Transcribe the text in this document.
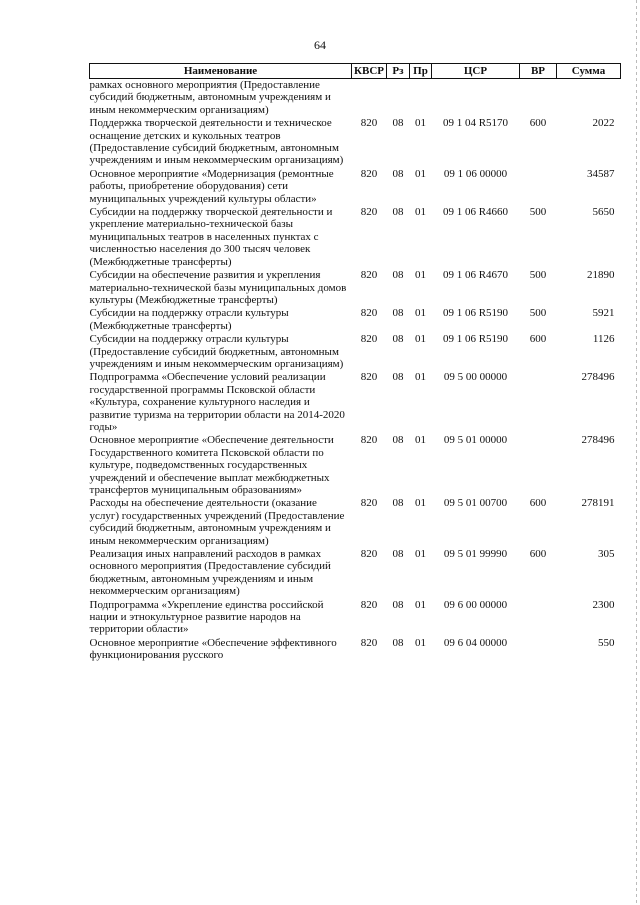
64
Наименование	КВСР	Рз	Пр	ЦСР	ВР	Сумма
рамках основного мероприятия (Предоставление субсидий бюджетным, автономным учреждениям и иным некоммерческим организациям)						
Поддержка творческой деятельности и техническое оснащение детских и кукольных театров (Предоставление субсидий бюджетным, автономным учреждениям и иным некоммерческим организациям)	820	08	01	09 1 04 R5170	600	2022
Основное мероприятие «Модернизация (ремонтные работы, приобретение оборудования) сети муниципальных учреждений культуры области»	820	08	01	09 1 06 00000		34587
Субсидии на поддержку творческой деятельности и укрепление материально-технической базы муниципальных театров в населенных пунктах с численностью населения до 300 тысяч человек (Межбюджетные трансферты)	820	08	01	09 1 06 R4660	500	5650
Субсидии на обеспечение развития и укрепления материально-технической базы муниципальных домов культуры (Межбюджетные трансферты)	820	08	01	09 1 06 R4670	500	21890
Субсидии на поддержку отрасли культуры (Межбюджетные трансферты)	820	08	01	09 1 06 R5190	500	5921
Субсидии на поддержку отрасли культуры (Предоставление субсидий бюджетным, автономным учреждениям и иным некоммерческим организациям)	820	08	01	09 1 06 R5190	600	1126
Подпрограмма «Обеспечение условий реализации государственной программы Псковской области «Культура, сохранение культурного наследия и развитие туризма на территории области на 2014-2020 годы»	820	08	01	09 5 00 00000		278496
Основное мероприятие «Обеспечение деятельности Государственного комитета Псковской области по культуре, подведомственных государственных учреждений и обеспечение выплат межбюджетных трансфертов муниципальным образованиям»	820	08	01	09 5 01 00000		278496
Расходы на обеспечение деятельности (оказание услуг) государственных учреждений (Предоставление субсидий бюджетным, автономным учреждениям и иным некоммерческим организациям)	820	08	01	09 5 01 00700	600	278191
Реализация иных направлений расходов в рамках основного мероприятия (Предоставление субсидий бюджетным, автономным учреждениям и иным некоммерческим организациям)	820	08	01	09 5 01 99990	600	305
Подпрограмма «Укрепление единства российской нации и этнокультурное развитие народов на территории области»	820	08	01	09 6 00 00000		2300
Основное мероприятие «Обеспечение эффективного функционирования русского	820	08	01	09 6 04 00000		550
